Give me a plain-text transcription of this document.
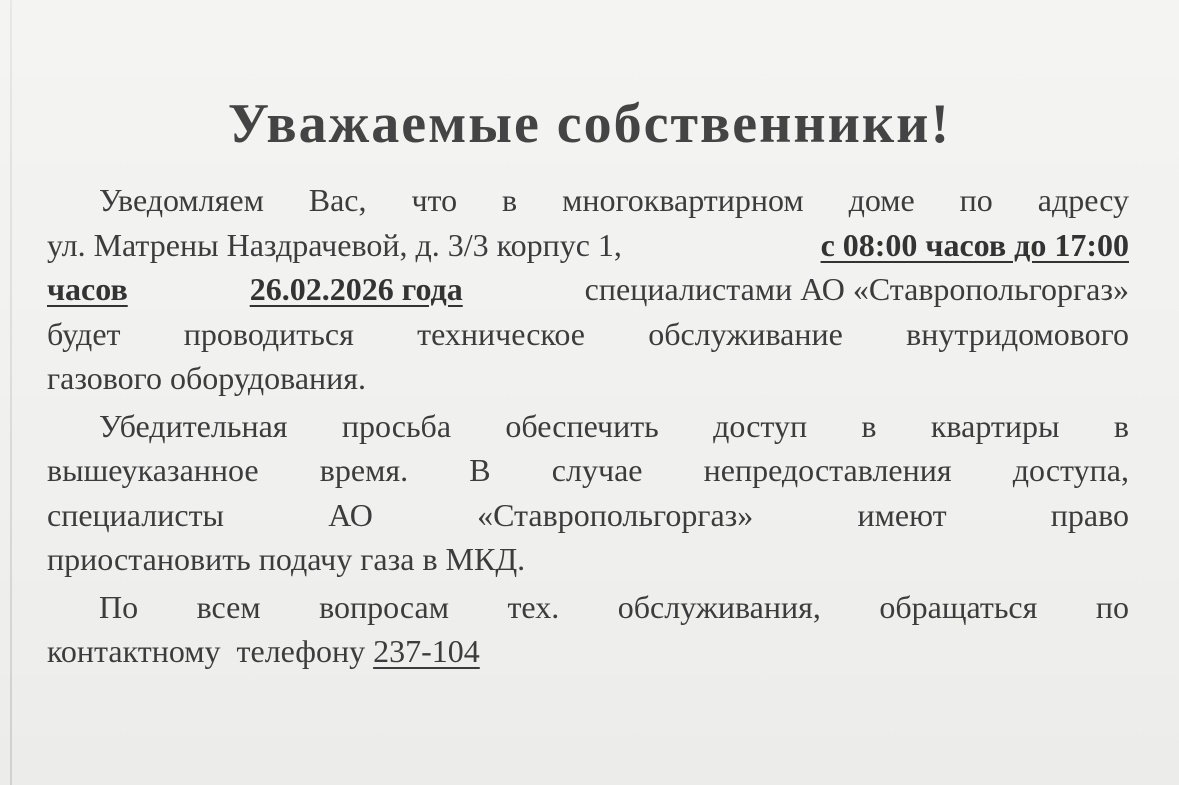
Уважаемые собственники!
Уведомляем Вас, что в многоквартирном доме по адресу
ул. Матрены Наздрачевой, д. 3/3 корпус 1,	с 08:00 часов до 17:00
часов	26.02.2026 года	специалистами АО «Ставропольгоргаз»
будет проводиться техническое обслуживание внутридомового
газового оборудования.
Убедительная просьба обеспечить доступ в квартиры в
вышеуказанное время. В случае непредоставления доступа,
специалисты	АО	«Ставропольгоргаз»	имеют	право
приостановить подачу газа в МКД.
По всем вопросам тех. обслуживания, обращаться по
контактному  телефону 237-104
